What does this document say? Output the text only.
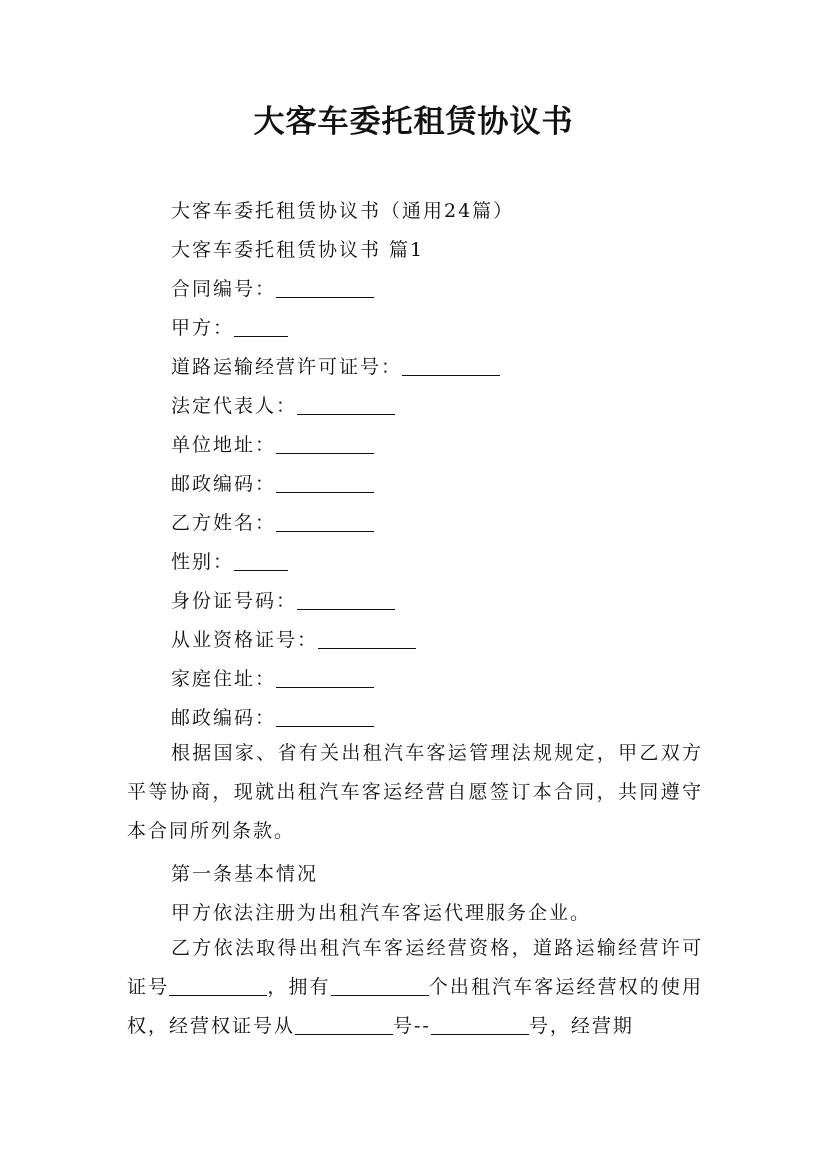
大客车委托租赁协议书
大客车委托租赁协议书（通用24篇）
大客车委托租赁协议书 篇1
合同编号：
甲方：
道路运输经营许可证号：
法定代表人：
单位地址：
邮政编码：
乙方姓名：
性别：
身份证号码：
从业资格证号：
家庭住址：
邮政编码：

根据国家、省有关出租汽车客运管理法规规定，甲乙双方平等协商，现就出租汽车客运经营自愿签订本合同，共同遵守本合同所列条款。

第一条基本情况
甲方依法注册为出租汽车客运代理服务企业。

乙方依法取得出租汽车客运经营资格，道路运输经营许可证号	，拥有	个出租汽车客运经营权的使用权，经营权证号从	号--	号，经营期
